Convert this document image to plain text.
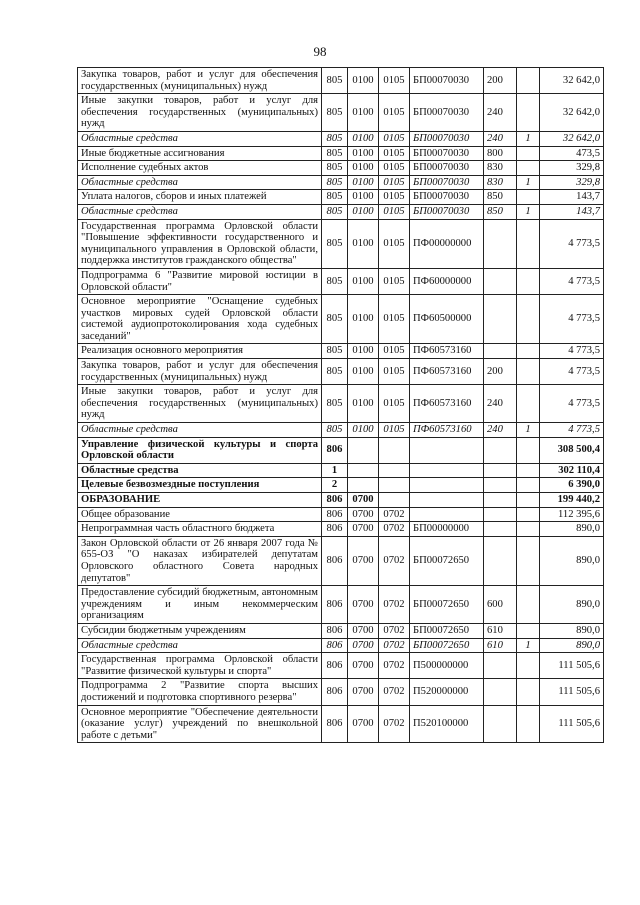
98
Закупка товаров, работ и услуг для обеспечения государственных (муниципальных) нужд	805	0100	0105	БП00070030	200		32 642,0
Иные закупки товаров, работ и услуг для обеспечения государственных (муниципальных) нужд	805	0100	0105	БП00070030	240		32 642,0
Областные средства	805	0100	0105	БП00070030	240	1	32 642,0
Иные бюджетные ассигнования	805	0100	0105	БП00070030	800		473,5
Исполнение судебных актов	805	0100	0105	БП00070030	830		329,8
Областные средства	805	0100	0105	БП00070030	830	1	329,8
Уплата налогов, сборов и иных платежей	805	0100	0105	БП00070030	850		143,7
Областные средства	805	0100	0105	БП00070030	850	1	143,7
Государственная программа Орловской области "Повышение эффективности государственного и муниципального управления в Орловской области, поддержка институтов гражданского общества"	805	0100	0105	ПФ00000000			4 773,5
Подпрограмма 6 "Развитие мировой юстиции в Орловской области"	805	0100	0105	ПФ60000000			4 773,5
Основное мероприятие "Оснащение судебных участков мировых судей Орловской области системой аудиопротоколирования хода судебных заседаний"	805	0100	0105	ПФ60500000			4 773,5
Реализация основного мероприятия	805	0100	0105	ПФ60573160			4 773,5
Закупка товаров, работ и услуг для обеспечения государственных (муниципальных) нужд	805	0100	0105	ПФ60573160	200		4 773,5
Иные закупки товаров, работ и услуг для обеспечения государственных (муниципальных) нужд	805	0100	0105	ПФ60573160	240		4 773,5
Областные средства	805	0100	0105	ПФ60573160	240	1	4 773,5
Управление физической культуры и спорта Орловской области	806						308 500,4
Областные средства	1						302 110,4
Целевые безвозмездные поступления	2						6 390,0
ОБРАЗОВАНИЕ	806	0700					199 440,2
Общее образование	806	0700	0702				112 395,6
Непрограммная часть областного бюджета	806	0700	0702	БП00000000			890,0
Закон Орловской области от 26 января 2007 года № 655-ОЗ "О наказах избирателей депутатам Орловского областного Совета народных депутатов"	806	0700	0702	БП00072650			890,0
Предоставление субсидий бюджетным, автономным учреждениям и иным некоммерческим организациям	806	0700	0702	БП00072650	600		890,0
Субсидии бюджетным учреждениям	806	0700	0702	БП00072650	610		890,0
Областные средства	806	0700	0702	БП00072650	610	1	890,0
Государственная программа Орловской области "Развитие физической культуры и спорта"	806	0700	0702	П500000000			111 505,6
Подпрограмма 2 "Развитие спорта высших достижений и подготовка спортивного резерва"	806	0700	0702	П520000000			111 505,6
Основное мероприятие "Обеспечение деятельности (оказание услуг) учреждений по внешкольной работе с детьми"	806	0700	0702	П520100000			111 505,6
